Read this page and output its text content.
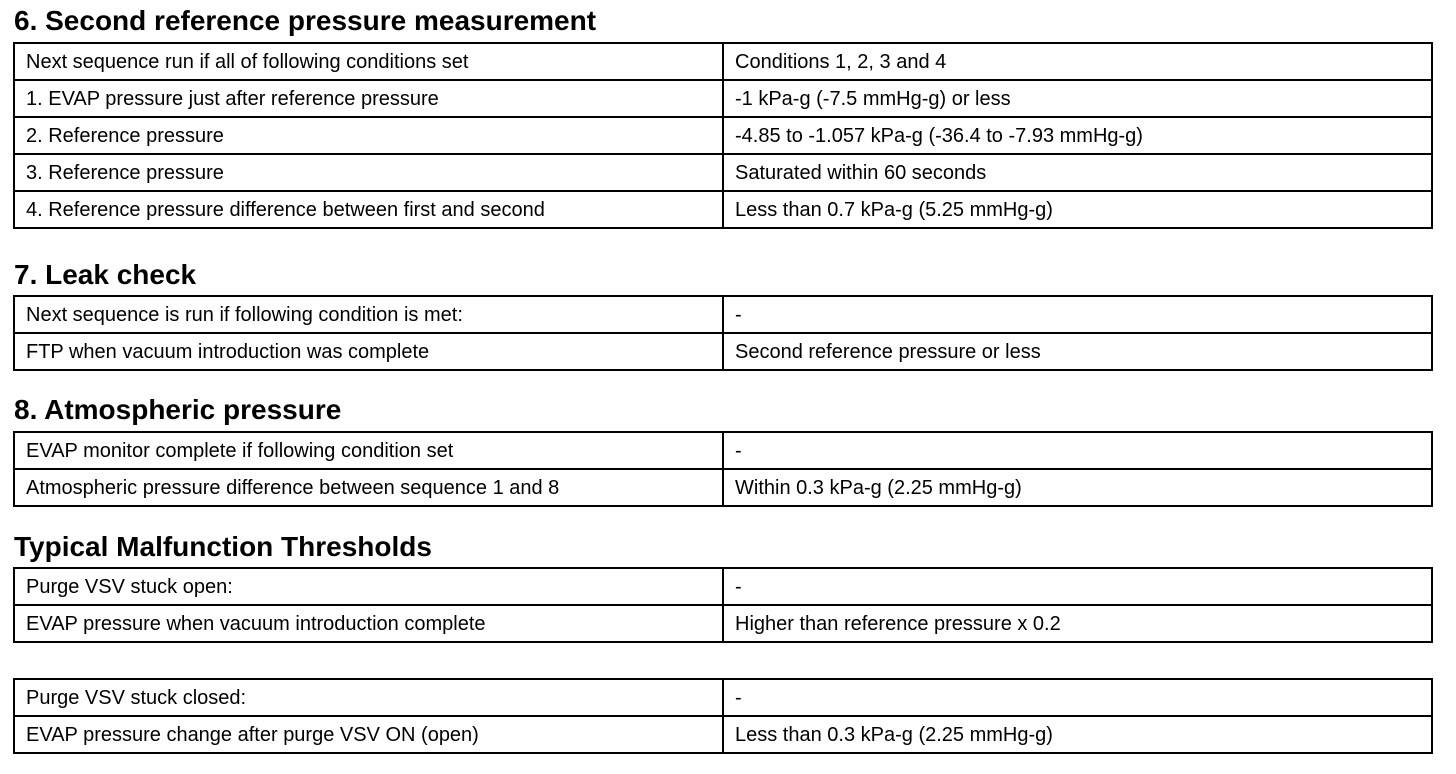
6. Second reference pressure measurement
Next sequence run if all of following conditions set	Conditions 1, 2, 3 and 4
1. EVAP pressure just after reference pressure	-1 kPa-g (-7.5 mmHg-g) or less
2. Reference pressure	-4.85 to -1.057 kPa-g (-36.4 to -7.93 mmHg-g)
3. Reference pressure	Saturated within 60 seconds
4. Reference pressure difference between first and second	Less than 0.7 kPa-g (5.25 mmHg-g)
7. Leak check
Next sequence is run if following condition is met:	-
FTP when vacuum introduction was complete	Second reference pressure or less
8. Atmospheric pressure
EVAP monitor complete if following condition set	-
Atmospheric pressure difference between sequence 1 and 8	Within 0.3 kPa-g (2.25 mmHg-g)
Typical Malfunction Thresholds
Purge VSV stuck open:	-
EVAP pressure when vacuum introduction complete	Higher than reference pressure x 0.2
Purge VSV stuck closed:	-
EVAP pressure change after purge VSV ON (open)	Less than 0.3 kPa-g (2.25 mmHg-g)
